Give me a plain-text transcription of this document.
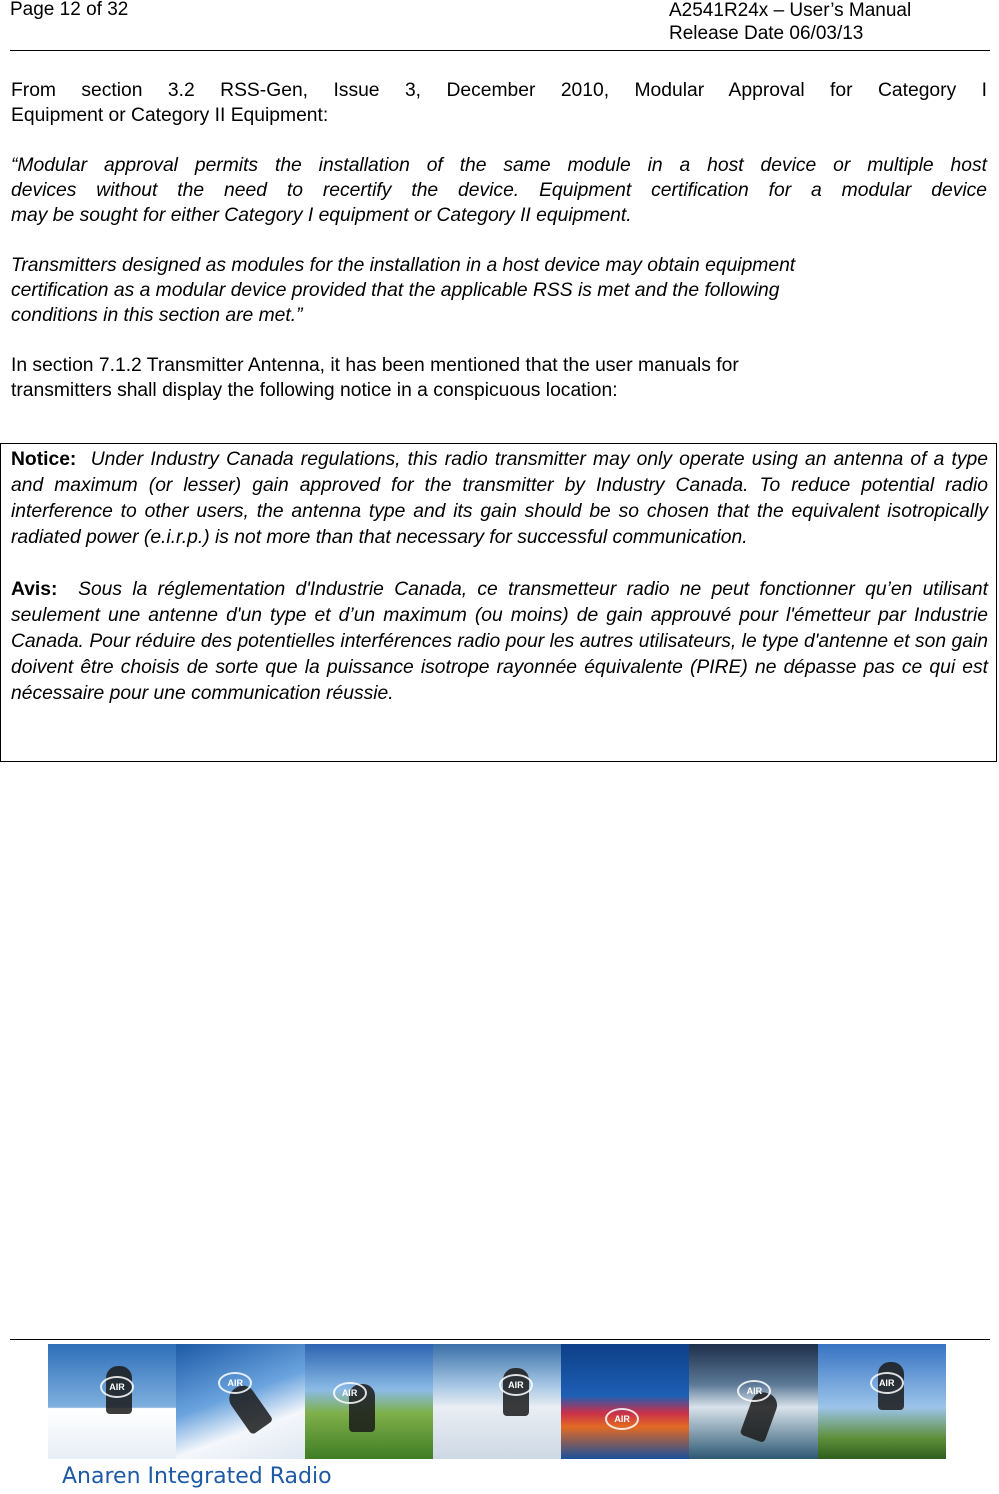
Page 12 of 32	A2541R24x – User’s Manual
Release Date 06/03/13

From section 3.2 RSS-Gen, Issue 3, December 2010, Modular Approval for Category I

Equipment or Category II Equipment:

“Modular approval permits the installation of the same module in a host device or multiple host

devices without the need to recertify the device. Equipment certification for a modular device

may be sought for either Category I equipment or Category II equipment.

Transmitters designed as modules for the installation in a host device may obtain equipment

certification as a modular device provided that the applicable RSS is met and the following

conditions in this section are met.”

In section 7.1.2 Transmitter Antenna, it has been mentioned that the user manuals for

transmitters shall display the following notice in a conspicuous location:

Notice: Under Industry Canada regulations, this radio transmitter may only operate using an antenna of a type and maximum (or lesser) gain approved for the transmitter by Industry Canada. To reduce potential radio interference to other users, the antenna type and its gain should be so chosen that the equivalent isotropically radiated power (e.i.r.p.) is not more than that necessary for successful communication.

Avis: Sous la réglementation d'Industrie Canada, ce transmetteur radio ne peut fonctionner qu’en utilisant seulement une antenne d'un type et d’un maximum (ou moins) de gain approuvé pour l'émetteur par Industrie Canada. Pour réduire des potentielles interférences radio pour les autres utilisateurs, le type d'antenne et son gain doivent être choisis de sorte que la puissance isotrope rayonnée équivalente (PIRE) ne dépasse pas ce qui est nécessaire pour une communication réussie.

AIR	AIR
AIR
AIR
AIR
AIR
AIR
Anaren Integrated Radio
